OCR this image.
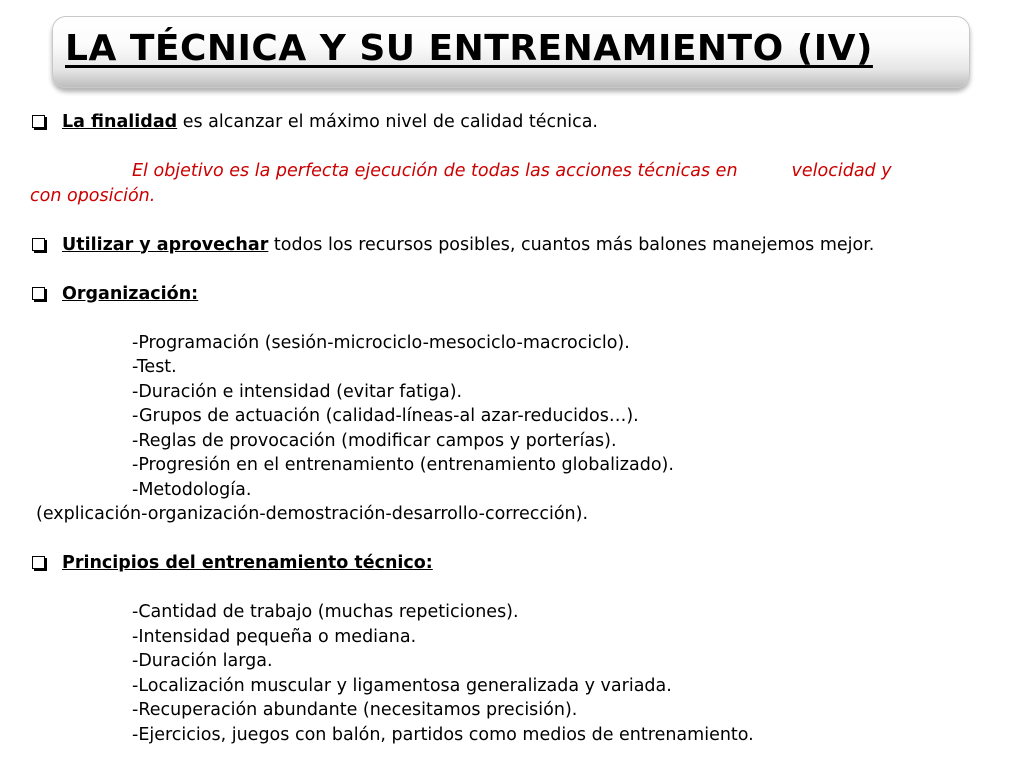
LA TÉCNICA Y SU ENTRENAMIENTO (IV)
La finalidad es alcanzar el máximo nivel de calidad técnica.
El objetivo es la perfecta ejecución de todas las acciones técnicas en	velocidad y
con oposición.
Utilizar y aprovechar todos los recursos posibles, cuantos más balones manejemos mejor.
Organización:
-Programación (sesión-microciclo-mesociclo-macrociclo).
-Test.
-Duración e intensidad (evitar fatiga).
-Grupos de actuación (calidad-líneas-al azar-reducidos…).
-Reglas de provocación (modificar campos y porterías).
-Progresión en el entrenamiento (entrenamiento globalizado).
-Metodología.
(explicación-organización-demostración-desarrollo-corrección).
Principios del entrenamiento técnico:
-Cantidad de trabajo (muchas repeticiones).
-Intensidad pequeña o mediana.
-Duración larga.
-Localización muscular y ligamentosa generalizada y variada.
-Recuperación abundante (necesitamos precisión).
-Ejercicios, juegos con balón, partidos como medios de entrenamiento.
